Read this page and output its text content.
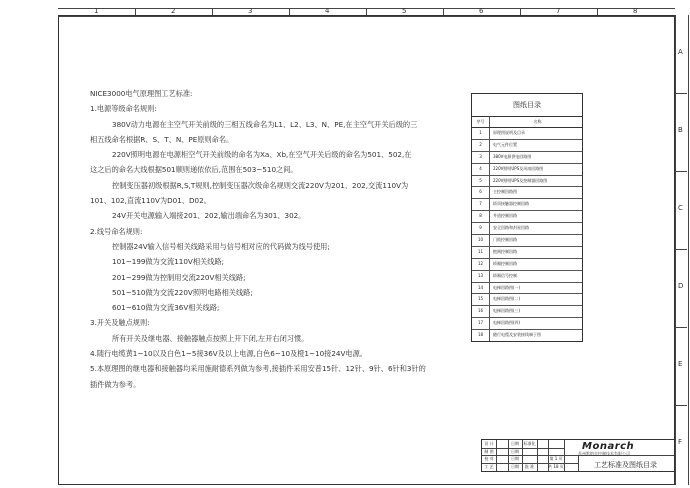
1	2	3	4	5	6	7	8
A
B
C
D
E
F
NICE3000电气原理图工艺标准:
1.电源等级命名规则:
380V动力电源在主空气开关前级的三相五线命名为L1、L2、L3、N、PE,在主空气开关后级的三
相五线命名根据R、S、T、N、PE原则命名。
220V照明电源在电源柜空气开关前级的命名为Xa、Xb,在空气开关后级的命名为501、502,在
这之后的命名大线根据501顺则递依依后,范围在503~510之间。
控制变压器初级根据R,S,T规则,控制变压器次级命名规则交流220V为201、202,交流110V为
101、102,直流110V为D01、D02。
24V开关电源输入端接201、202,输出端命名为301、302。
2.线号命名规则:
控制器24V输入信号相关线路采用与信号相对应的代码做为线号使用;
101~199做为交流110V相关线路;
201~299做为控制用交流220V相关线路;
501~510做为交流220V照明电路相关线路;
601~610做为交流36V相关线路;
3.开关及触点规则:
所有开关及继电器、接触器触点按照上开下闭,左开右闭习惯。
4.随行电缆黄1~10以及白色1~5接36V及以上电源,白色6~10及橙1~10接24V电源。
5.本原理图的继电器和接触器均采用施耐德系列做为参考,接插件采用安普15针、12针、9针、6针和3针的
插件做为参考。
图纸目录
序号	名称
1	原理图说明及目录
2	电气元件位置
3	380V电源供电回路图
4	220V照明UPS及风扇回路图
5	220V照明UPS及控制器回路图
6	主控制回路图
7	轿顶接触器控制回路
8	井道控制回路
9	安全回路和封星回路
10	门锁控制回路
11	抱闸控制回路
12	轿厢控制回路
13	轿厢信号控制
14	电梯回路图(一)
15	电梯回路图(二)
16	电梯回路图(三)
17	电梯回路图(四)
18	随行电缆及安装接线端子图
设 计	日期	标准化
制 图	日期
校 对	日期
工 艺	日期	批 准
第 1 页
共 18 页
Monarch
苏州默纳克控制技术有限公司
工艺标准及图纸目录
